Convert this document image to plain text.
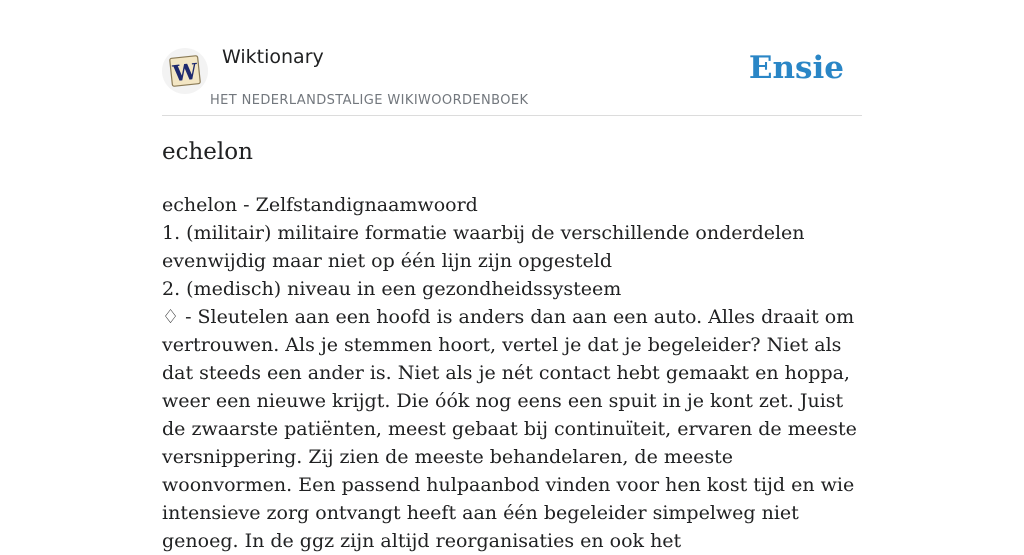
W
Wiktionary
HET NEDERLANDSTALIGE WIKIWOORDENBOEK
Ensie
echelon

echelon - Zelfstandignaamwoord

1. (militair) militaire formatie waarbij de verschillende onderdelen evenwijdig maar niet op één lijn zijn opgesteld

2. (medisch) niveau in een gezondheidssysteem

♢ - Sleutelen aan een hoofd is anders dan aan een auto. Alles draait om vertrouwen. Als je stemmen hoort, vertel je dat je begeleider? Niet als dat steeds een ander is. Niet als je nét contact hebt gemaakt en hoppa, weer een nieuwe krijgt. Die óók nog eens een spuit in je kont zet. Juist de zwaarste patiënten, meest gebaat bij continuïteit, ervaren de meeste versnippering. Zij zien de meeste behandelaren, de meeste woonvormen. Een passend hulpaanbod vinden voor hen kost tijd en wie intensieve zorg ontvangt heeft aan één begeleider simpelweg niet genoeg. In de ggz zijn altijd reorganisaties en ook het
